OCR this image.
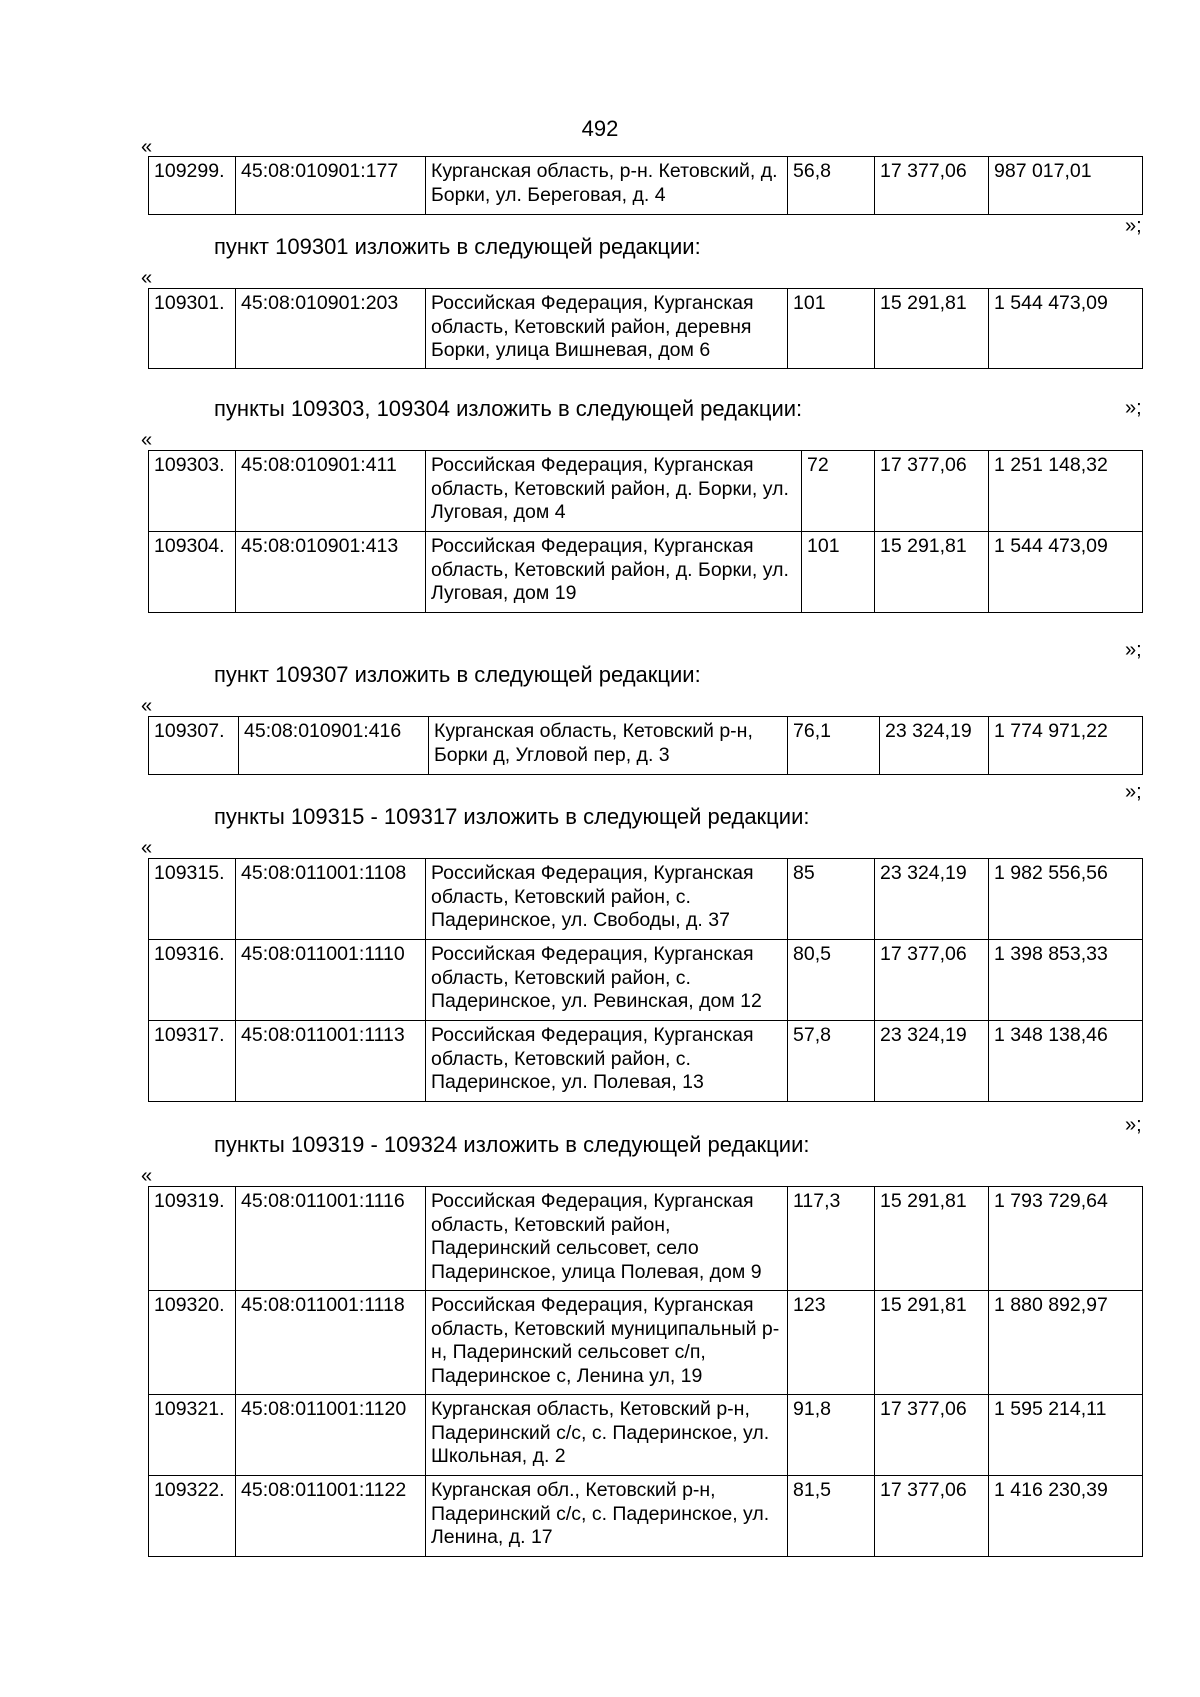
492
«
109299.	45:08:010901:177	Курганская область, р-н. Кетовский, д. Борки, ул. Береговая, д. 4	56,8	17 377,06	987 017,01
»;
пункт 109301 изложить в следующей редакции:
«
109301.	45:08:010901:203	Российская Федерация, Курганская область, Кетовский район, деревня Борки, улица Вишневая, дом 6	101	15 291,81	1 544 473,09
»;
пункты 109303, 109304 изложить в следующей редакции:
«
109303.	45:08:010901:411	Российская Федерация, Курганская область, Кетовский район, д. Борки, ул. Луговая, дом 4	72	17 377,06	1 251 148,32
109304.	45:08:010901:413	Российская Федерация, Курганская область, Кетовский район, д. Борки, ул. Луговая, дом 19	101	15 291,81	1 544 473,09
»;
пункт 109307 изложить в следующей редакции:
«
109307.	45:08:010901:416	Курганская область, Кетовский р-н, Борки д, Угловой пер, д. 3	76,1	23 324,19	1 774 971,22
»;
пункты 109315 - 109317 изложить в следующей редакции:
«
109315.	45:08:011001:1108	Российская Федерация, Курганская область, Кетовский район, с. Падеринское, ул. Свободы, д. 37	85	23 324,19	1 982 556,56
109316.	45:08:011001:1110	Российская Федерация, Курганская область, Кетовский район, с. Падеринское, ул. Ревинская, дом 12	80,5	17 377,06	1 398 853,33
109317.	45:08:011001:1113	Российская Федерация, Курганская область, Кетовский район, с. Падеринское, ул. Полевая, 13	57,8	23 324,19	1 348 138,46
»;
пункты 109319 - 109324 изложить в следующей редакции:
«
109319.	45:08:011001:1116	Российская Федерация, Курганская область, Кетовский район, Падеринский сельсовет, село Падеринское, улица Полевая, дом 9	117,3	15 291,81	1 793 729,64
109320.	45:08:011001:1118	Российская Федерация, Курганская область, Кетовский муниципальный р-н, Падеринский сельсовет с/п, Падеринское с, Ленина ул, 19	123	15 291,81	1 880 892,97
109321.	45:08:011001:1120	Курганская область, Кетовский р-н, Падеринский с/с, с. Падеринское, ул. Школьная, д. 2	91,8	17 377,06	1 595 214,11
109322.	45:08:011001:1122	Курганская обл., Кетовский р-н, Падеринский с/с, с. Падеринское, ул. Ленина, д. 17	81,5	17 377,06	1 416 230,39
